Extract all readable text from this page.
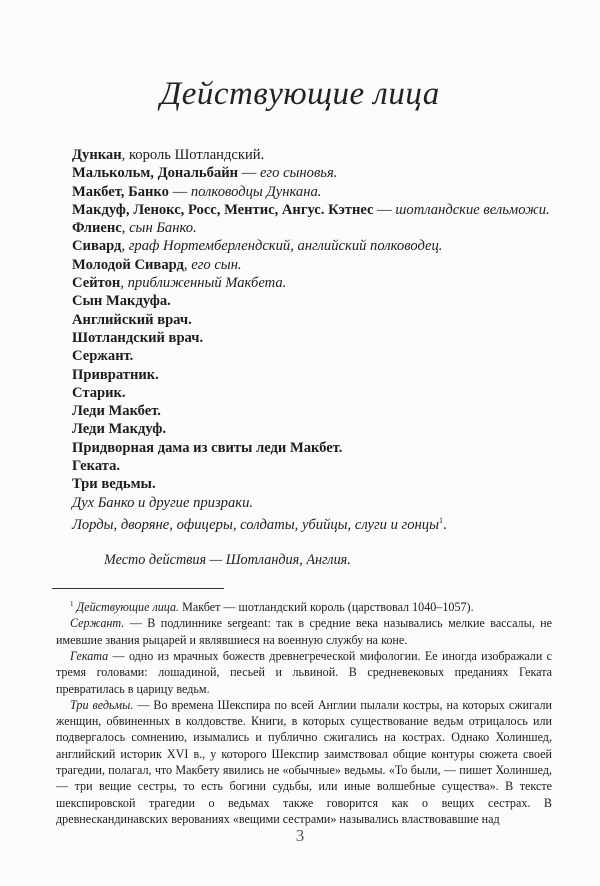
Действующие лица
Дункан, король Шотландский.
Малькольм, Дональбайн — его сыновья.
Макбет, Банко — полководцы Дункана.
Макдуф, Ленокс, Росс, Ментис, Ангус. Кэтнес — шотландские вельможи.
Флиенс, сын Банко.
Сивард, граф Нортемберлендский, английский полководец.
Молодой Сивард, его сын.
Сейтон, приближенный Макбета.
Сын Макдуфа.
Английский врач.
Шотландский врач.
Сержант.
Привратник.
Старик.
Леди Макбет.
Леди Макдуф.
Придворная дама из свиты леди Макбет.
Геката.
Три ведьмы.
Дух Банко и другие призраки.
Лорды, дворяне, офицеры, солдаты, убийцы, слуги и гонцы$^1$.
Место действия — Шотландия, Англия.

$^1$ Действующие лица. Макбет — шотландский король (царствовал 1040–1057).

Сержант. — В подлиннике sergeant: так в средние века назывались мелкие вассалы, не имевшие звания рыцарей и являвшиеся на военную службу на коне.

Геката — одно из мрачных божеств древнегреческой мифологии. Ее иногда изображали с тремя головами: лошадиной, песьей и львиной. В средневековых преданиях Геката превратилась в царицу ведьм.

Три ведьмы. — Во времена Шекспира по всей Англии пылали костры, на которых сжигали женщин, обвиненных в колдовстве. Книги, в которых существование ведьм отрицалось или подвергалось сомнению, изымались и публично сжигались на кострах. Однако Холиншед, английский историк XVI в., у которого Шекспир заимствовал общие контуры сюжета своей трагедии, полагал, что Макбету явились не «обычные» ведьмы. «То были, — пишет Холиншед, — три вещие сестры, то есть богини судьбы, или иные волшебные существа». В тексте шекспировской трагедии о ведьмах также говорится как о вещих сестрах. В древнескандинавских верованиях «вещими сестрами» назывались властвовавшие над

3
